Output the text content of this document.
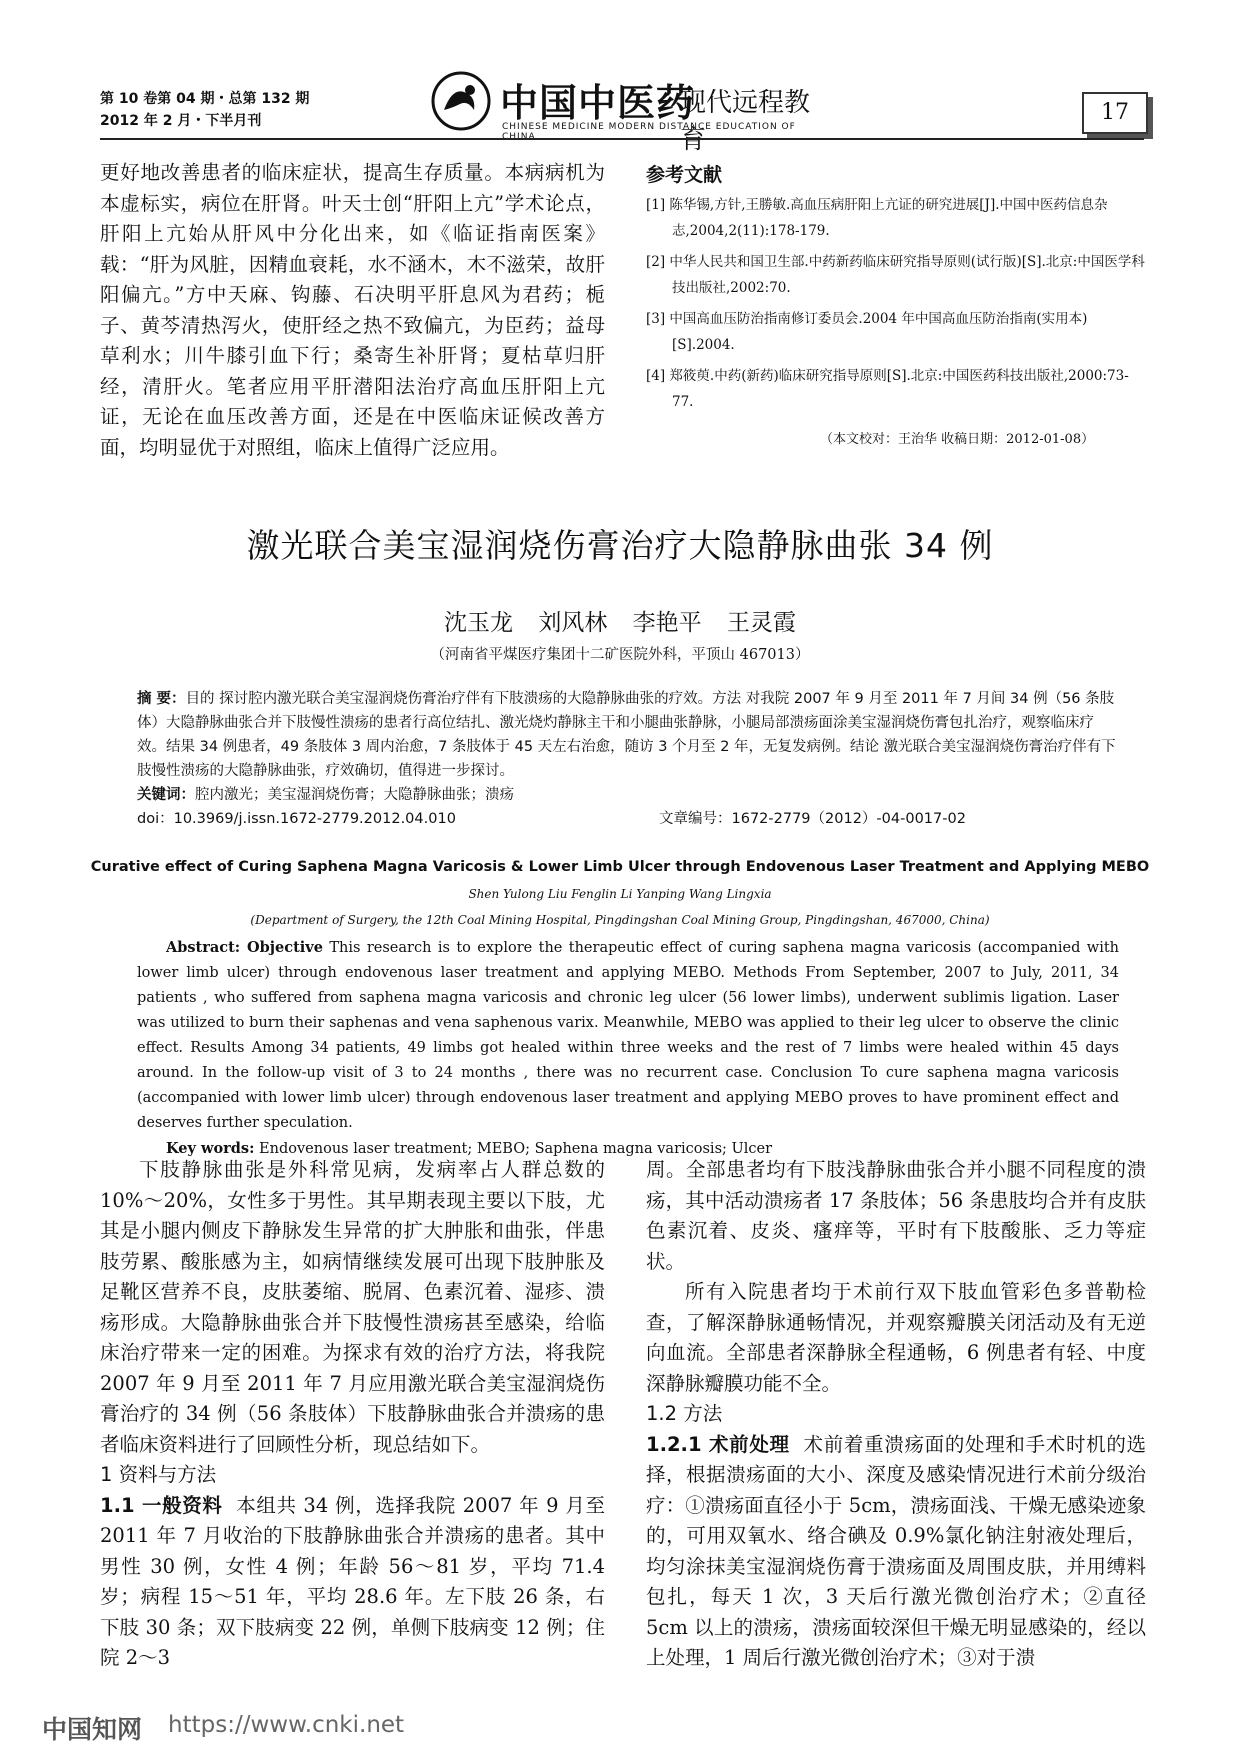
第 10 卷第 04 期・总第 132 期
2012 年 2 月・下半月刊	中国中医药
现代远程教育
CHINESE MEDICINE MODERN DISTANCE EDUCATION OF CHINA
17

更好地改善患者的临床症状，提高生存质量。本病病机为本虚标实，病位在肝肾。叶天士创“肝阳上亢”学术论点，肝阳上亢始从肝风中分化出来，如《临证指南医案》载：“肝为风脏，因精血衰耗，水不涵木，木不滋荣，故肝阳偏亢。”方中天麻、钩藤、石决明平肝息风为君药；栀子、黄芩清热泻火，使肝经之热不致偏亢，为臣药；益母草利水；川牛膝引血下行；桑寄生补肝肾；夏枯草归肝经，清肝火。笔者应用平肝潜阳法治疗高血压肝阳上亢证，无论在血压改善方面，还是在中医临床证候改善方面，均明显优于对照组，临床上值得广泛应用。

参考文献

[1] 陈华锡,方针,王勝敏.高血压病肝阳上亢证的研究进展[J].中国中医药信息杂志,2004,2(11):178-179.

[2] 中华人民共和国卫生部.中药新药临床研究指导原则(试行版)[S].北京:中国医学科技出版社,2002:70.

[3] 中国高血压防治指南修订委员会.2004 年中国高血压防治指南(实用本)[S].2004.

[4] 郑筱萸.中药(新药)临床研究指导原则[S].北京:中国医药科技出版社,2000:73-77.

（本文校对：王治华 收稿日期：2012-01-08）
激光联合美宝湿润烧伤膏治疗大隐静脉曲张 34 例
沈玉龙 刘风林 李艳平 王灵霞
（河南省平煤医疗集团十二矿医院外科，平顶山 467013）

摘 要：目的 探讨腔内激光联合美宝湿润烧伤膏治疗伴有下肢溃疡的大隐静脉曲张的疗效。方法 对我院 2007 年 9 月至 2011 年 7 月间 34 例（56 条肢体）大隐静脉曲张合并下肢慢性溃疡的患者行高位结扎、激光烧灼静脉主干和小腿曲张静脉，小腿局部溃疡面涂美宝湿润烧伤膏包扎治疗，观察临床疗效。结果 34 例患者，49 条肢体 3 周内治愈，7 条肢体于 45 天左右治愈，随访 3 个月至 2 年，无复发病例。结论 激光联合美宝湿润烧伤膏治疗伴有下肢慢性溃疡的大隐静脉曲张，疗效确切，值得进一步探讨。

关键词：腔内激光；美宝湿润烧伤膏；大隐静脉曲张；溃疡

doi：10.3969/j.issn.1672-2779.2012.04.010	文章编号：1672-2779（2012）-04-0017-02

Curative effect of Curing Saphena Magna Varicosis & Lower Limb Ulcer through Endovenous Laser Treatment and Applying MEBO
Shen Yulong Liu Fenglin Li Yanping Wang Lingxia
(Department of Surgery, the 12th Coal Mining Hospital, Pingdingshan Coal Mining Group, Pingdingshan, 467000, China)

Abstract: Objective This research is to explore the therapeutic effect of curing saphena magna varicosis (accompanied with lower limb ulcer) through endovenous laser treatment and applying MEBO. Methods From September, 2007 to July, 2011, 34 patients , who suffered from saphena magna varicosis and chronic leg ulcer (56 lower limbs), underwent sublimis ligation. Laser was utilized to burn their saphenas and vena saphenous varix. Meanwhile, MEBO was applied to their leg ulcer to observe the clinic effect. Results Among 34 patients, 49 limbs got healed within three weeks and the rest of 7 limbs were healed within 45 days around. In the follow-up visit of 3 to 24 months , there was no recurrent case. Conclusion To cure saphena magna varicosis (accompanied with lower limb ulcer) through endovenous laser treatment and applying MEBO proves to have prominent effect and deserves further speculation.

Key words: Endovenous laser treatment; MEBO; Saphena magna varicosis; Ulcer

下肢静脉曲张是外科常见病，发病率占人群总数的 10%～20%，女性多于男性。其早期表现主要以下肢，尤其是小腿内侧皮下静脉发生异常的扩大肿胀和曲张，伴患肢劳累、酸胀感为主，如病情继续发展可出现下肢肿胀及足靴区营养不良，皮肤萎缩、脱屑、色素沉着、湿疹、溃疡形成。大隐静脉曲张合并下肢慢性溃疡甚至感染，给临床治疗带来一定的困难。为探求有效的治疗方法，将我院 2007 年 9 月至 2011 年 7 月应用激光联合美宝湿润烧伤膏治疗的 34 例（56 条肢体）下肢静脉曲张合并溃疡的患者临床资料进行了回顾性分析，现总结如下。

1 资料与方法

1.1 一般资料 本组共 34 例，选择我院 2007 年 9 月至 2011 年 7 月收治的下肢静脉曲张合并溃疡的患者。其中男性 30 例，女性 4 例；年龄 56～81 岁，平均 71.4 岁；病程 15～51 年，平均 28.6 年。左下肢 26 条，右下肢 30 条；双下肢病变 22 例，单侧下肢病变 12 例；住院 2～3

周。全部患者均有下肢浅静脉曲张合并小腿不同程度的溃疡，其中活动溃疡者 17 条肢体；56 条患肢均合并有皮肤色素沉着、皮炎、瘙痒等，平时有下肢酸胀、乏力等症状。

所有入院患者均于术前行双下肢血管彩色多普勒检查，了解深静脉通畅情况，并观察瓣膜关闭活动及有无逆向血流。全部患者深静脉全程通畅，6 例患者有轻、中度深静脉瓣膜功能不全。

1.2 方法

1.2.1 术前处理 术前着重溃疡面的处理和手术时机的选择，根据溃疡面的大小、深度及感染情况进行术前分级治疗：①溃疡面直径小于 5cm，溃疡面浅、干燥无感染迹象的，可用双氧水、络合碘及 0.9%氯化钠注射液处理后，均匀涂抹美宝湿润烧伤膏于溃疡面及周围皮肤，并用缚料包扎，每天 1 次，3 天后行激光微创治疗术；②直径 5cm 以上的溃疡，溃疡面较深但干燥无明显感染的，经以上处理，1 周后行激光微创治疗术；③对于溃

中国知网 https://www.cnki.net
